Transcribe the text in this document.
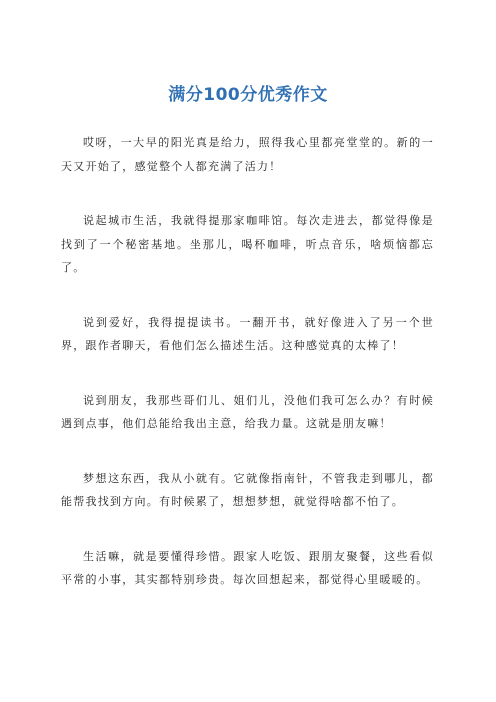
满分100分优秀作文

哎呀，一大早的阳光真是给力，照得我心里都亮堂堂的。新的一天又开始了，感觉整个人都充满了活力！

说起城市生活，我就得提那家咖啡馆。每次走进去，都觉得像是找到了一个秘密基地。坐那儿，喝杯咖啡，听点音乐，啥烦恼都忘了。

说到爱好，我得提提读书。一翻开书，就好像进入了另一个世界，跟作者聊天，看他们怎么描述生活。这种感觉真的太棒了！

说到朋友，我那些哥们儿、姐们儿，没他们我可怎么办？有时候遇到点事，他们总能给我出主意，给我力量。这就是朋友嘛！

梦想这东西，我从小就有。它就像指南针，不管我走到哪儿，都能帮我找到方向。有时候累了，想想梦想，就觉得啥都不怕了。

生活嘛，就是要懂得珍惜。跟家人吃饭、跟朋友聚餐，这些看似平常的小事，其实都特别珍贵。每次回想起来，都觉得心里暖暖的。
